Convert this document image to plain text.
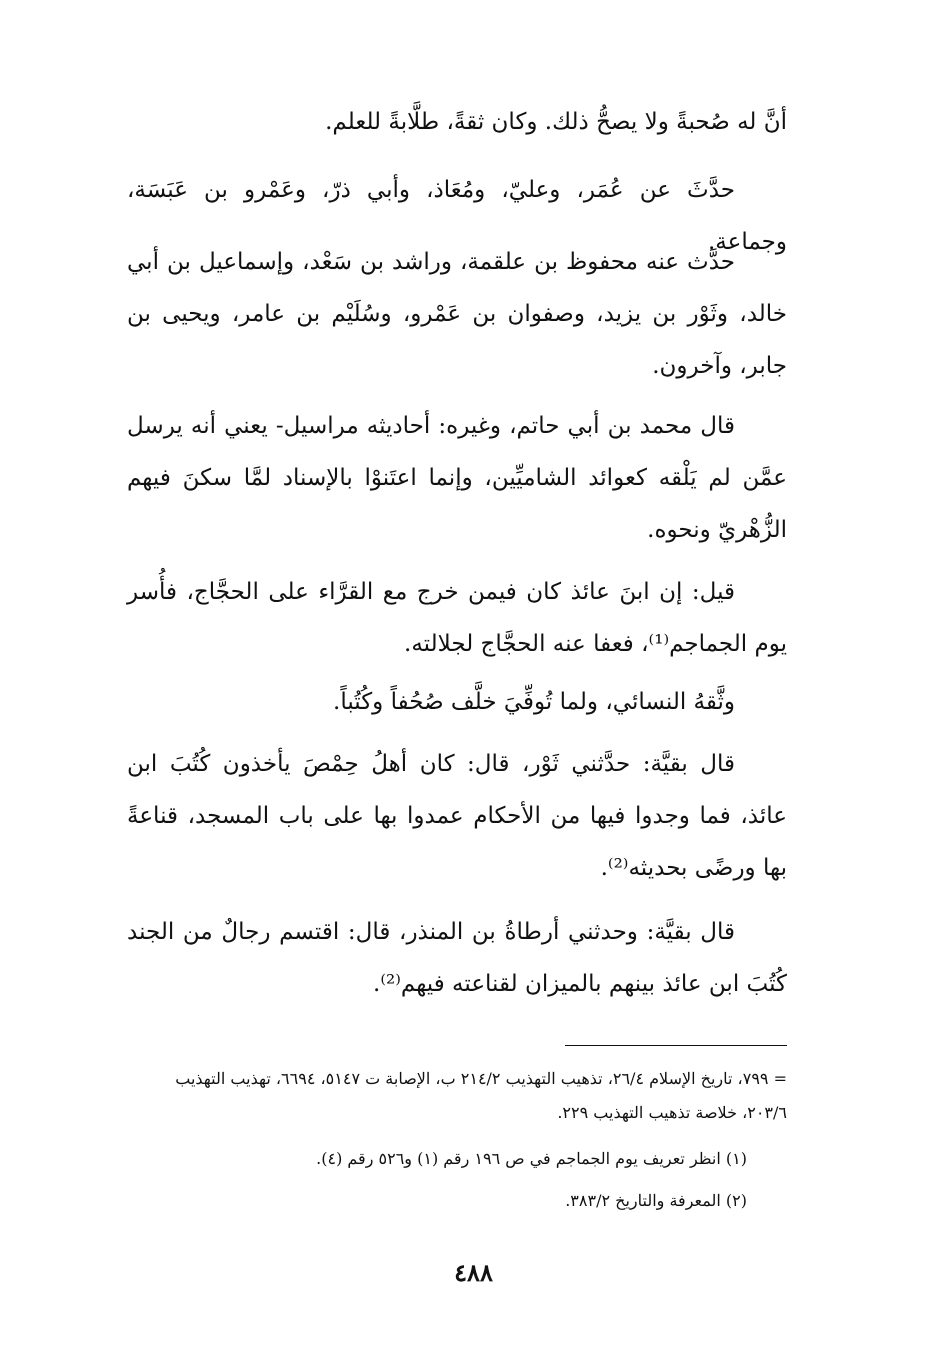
أنَّ له صُحبةً ولا يصحُّ ذلك. وكان ثقةً، طلَّابةً للعلم.

حدَّثَ عن عُمَر، وعليّ، ومُعَاذ، وأبي ذرّ، وعَمْرو بن عَبَسَة، وجماعة.

حدَّث عنه محفوظ بن علقمة، وراشد بن سَعْد، وإسماعيل بن أبي خالد، وثَوْر بن يزيد، وصفوان بن عَمْرو، وسُلَيْم بن عامر، ويحيى بن جابر، وآخرون.

قال محمد بن أبي حاتم، وغيره: أحاديثه مراسيل- يعني أنه يرسل عمَّن لم يَلْقه كعوائد الشاميِّين، وإنما اعتَنوْا بالإسناد لمَّا سكنَ فيهم الزُّهْريّ ونحوه.

قيل: إن ابنَ عائذ كان فيمن خرج مع القرَّاء على الحجَّاج، فأُسر يوم الجماجم⁽¹⁾، فعفا عنه الحجَّاج لجلالته.

وثَّقهُ النسائي، ولما تُوفِّيَ خلَّف صُحُفاً وكُتُباً.

قال بقيَّة: حدَّثني ثَوْر، قال: كان أهلُ حِمْصَ يأخذون كُتُبَ ابن عائذ، فما وجدوا فيها من الأحكام عمدوا بها على باب المسجد، قناعةً بها ورضًى بحديثه⁽²⁾.

قال بقيَّة: وحدثني أرطاةُ بن المنذر، قال: اقتسم رجالٌ من الجند كُتُبَ ابن عائذ بينهم بالميزان لقناعته فيهم⁽²⁾.

= ٧٩٩، تاريخ الإسلام ٢٦/٤، تذهيب التهذيب ٢١٤/٢ ب، الإصابة ت ٥١٤٧، ٦٦٩٤، تهذيب التهذيب ٢٠٣/٦، خلاصة تذهيب التهذيب ٢٢٩.

(١) انظر تعريف يوم الجماجم في ص ١٩٦ رقم (١) و٥٢٦ رقم (٤).

(٢) المعرفة والتاريخ ٣٨٣/٢.

٤٨٨
